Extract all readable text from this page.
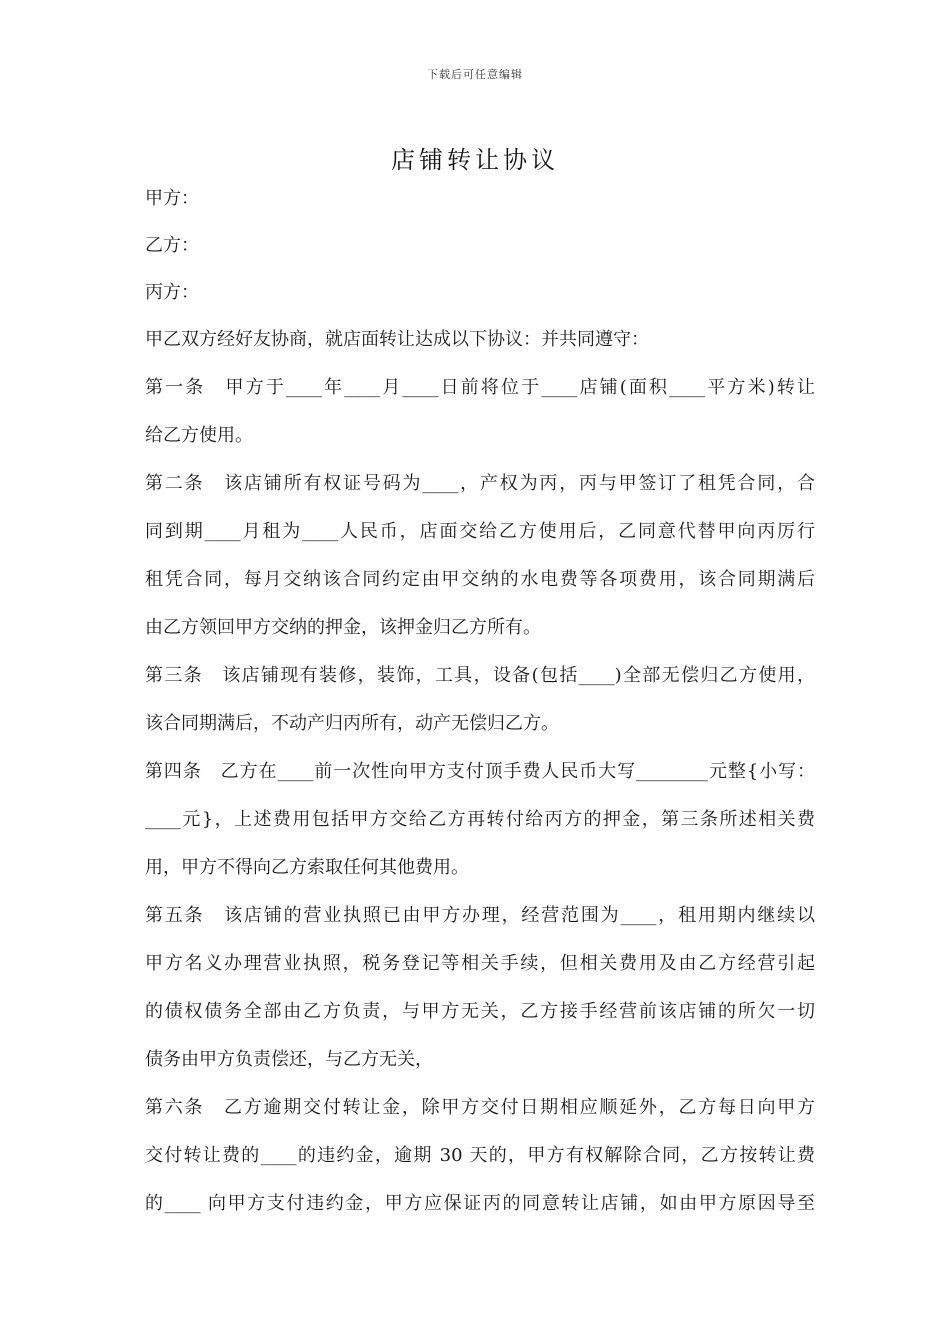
下载后可任意编辑
店铺转让协议
甲方：
乙方：
丙方：
甲乙双方经好友协商，就店面转让达成以下协议：并共同遵守：
第一条　甲方于____年____月____日前将位于____店铺(面积____平方米)转让
给乙方使用。
第二条　该店铺所有权证号码为____，产权为丙，丙与甲签订了租凭合同，合
同到期____月租为____人民币，店面交给乙方使用后，乙同意代替甲向丙厉行
租凭合同，每月交纳该合同约定由甲交纳的水电费等各项费用，该合同期满后
由乙方领回甲方交纳的押金，该押金归乙方所有。
第三条　该店铺现有装修，装饰，工具，设备(包括____)全部无偿归乙方使用，
该合同期满后，不动产归丙所有，动产无偿归乙方。
第四条　乙方在____前一次性向甲方支付顶手费人民币大写________元整{小写：
____元}，上述费用包括甲方交给乙方再转付给丙方的押金，第三条所述相关费
用，甲方不得向乙方索取任何其他费用。
第五条　该店铺的营业执照已由甲方办理，经营范围为____，租用期内继续以
甲方名义办理营业执照，税务登记等相关手续，但相关费用及由乙方经营引起
的债权债务全部由乙方负责，与甲方无关，乙方接手经营前该店铺的所欠一切
债务由甲方负责偿还，与乙方无关，
第六条　乙方逾期交付转让金，除甲方交付日期相应顺延外，乙方每日向甲方
交付转让费的____的违约金，逾期 30 天的，甲方有权解除合同，乙方按转让费
的____ 向甲方支付违约金，甲方应保证丙的同意转让店铺，如由甲方原因导至
